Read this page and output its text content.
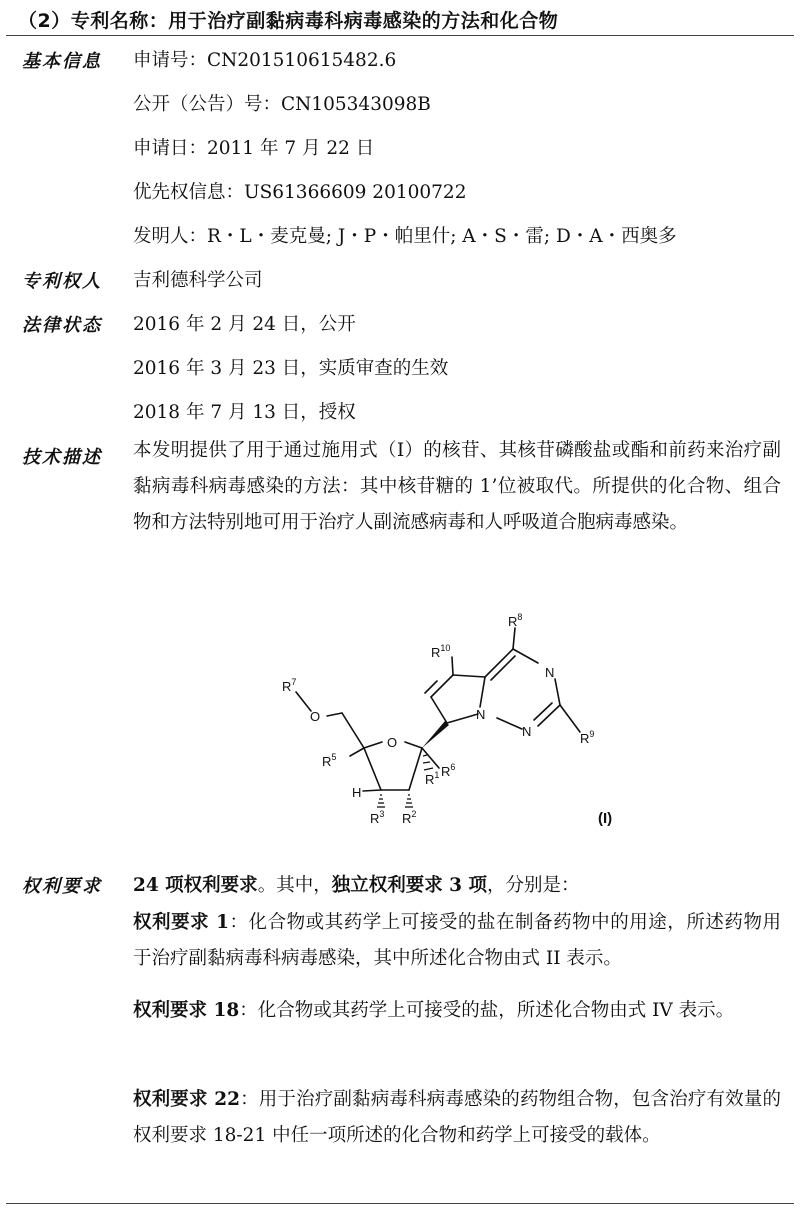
（2）专利名称：用于治疗副黏病毒科病毒感染的方法和化合物
基本信息 申请号：CN201510615482.6
公开（公告）号：CN105343098B
申请日：2011 年 7 月 22 日
优先权信息：US61366609 20100722
发明人：R・L・麦克曼; J・P・帕里什; A・S・雷; D・A・西奥多
专利权人 吉利德科学公司
法律状态 2016 年 2 月 24 日，公开
2016 年 3 月 23 日，实质审查的生效
2018 年 7 月 13 日，授权
技术描述 本发明提供了用于通过施用式（I）的核苷、其核苷磷酸盐或酯和前药来治疗副黏病毒科病毒感染的方法：其中核苷糖的 1’位被取代。所提供的化合物、组合物和方法特别地可用于治疗人副流感病毒和人呼吸道合胞病毒感染。
N
N
N
O
O
H
$R^8$
$R^{10}$
$R^9$
$R^7$
$R^5$
$R^6$
$R^1$
$R^3$ $R^2$	(I)
权利要求 24 项权利要求。其中，独立权利要求 3 项，分别是：
权利要求 1：化合物或其药学上可接受的盐在制备药物中的用途，所述药物用于治疗副黏病毒科病毒感染，其中所述化合物由式 II 表示。
权利要求 18：化合物或其药学上可接受的盐，所述化合物由式 IV 表示。
权利要求 22：用于治疗副黏病毒科病毒感染的药物组合物，包含治疗有效量的权利要求 18-21 中任一项所述的化合物和药学上可接受的载体。
